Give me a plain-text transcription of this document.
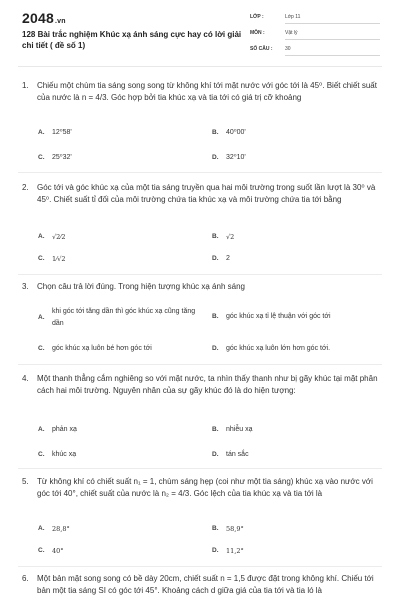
2048.vn
128 Bài trắc nghiệm Khúc xạ ánh sáng cực hay có lời giải chi tiết ( đề số 1)
LỚP :	Lớp 11
MÔN :	Vật lý
SỐ CÂU :	30
1. Chiếu một chùm tia sáng song song từ không khí tới mặt nước với góc tới là 45⁰. Biết chiết suất của nước là n = 4/3. Góc hợp bởi tia khúc xạ và tia tới có giá trị cỡ khoảng
A. 12⁰58'	B. 40⁰00'
C. 25⁰32'	D. 32⁰10'
2. Góc tới và góc khúc xạ của một tia sáng truyền qua hai môi trường trong suốt lần lượt là 30⁰ và 45⁰. Chiết suất tỉ đối của môi trường chứa tia khúc xạ và môi trường chứa tia tới bằng
A. √2⁄2	B. √2
C. 1⁄√2	D. 2
3. Chọn câu trả lời đúng. Trong hiện tượng khúc xạ ánh sáng
A.
khi góc tới tăng dần thì góc khúc xạ cũng tăng dần
B. góc khúc xạ tỉ lệ thuận với góc tới
C. góc khúc xạ luôn bé hơn góc tới	D. góc khúc xạ luôn lớn hơn góc tới.
4. Một thanh thẳng cắm nghiêng so với mặt nước, ta nhìn thấy thanh như bị gãy khúc tại mặt phân cách hai môi trường. Nguyên nhân của sự gãy khúc đó là do hiện tượng:
A. phản xạ	B. nhiễu xạ
C. khúc xạ	D. tán sắc
5. Từ không khí có chiết suất n₁ = 1, chùm sáng hẹp (coi như một tia sáng) khúc xạ vào nước với góc tới 40°, chiết suất của nước là n₂ = 4/3. Góc lệch của tia khúc xạ và tia tới là
A. 28,8°	B. 58,9°
C. 40°	D. 11,2°
6. Một bản mặt song song có bề dày 20cm, chiết suất n = 1,5 được đặt trong không khí. Chiếu tới bản một tia sáng SI có góc tới 45°. Khoảng cách d giữa giá của tia tới và tia ló là
